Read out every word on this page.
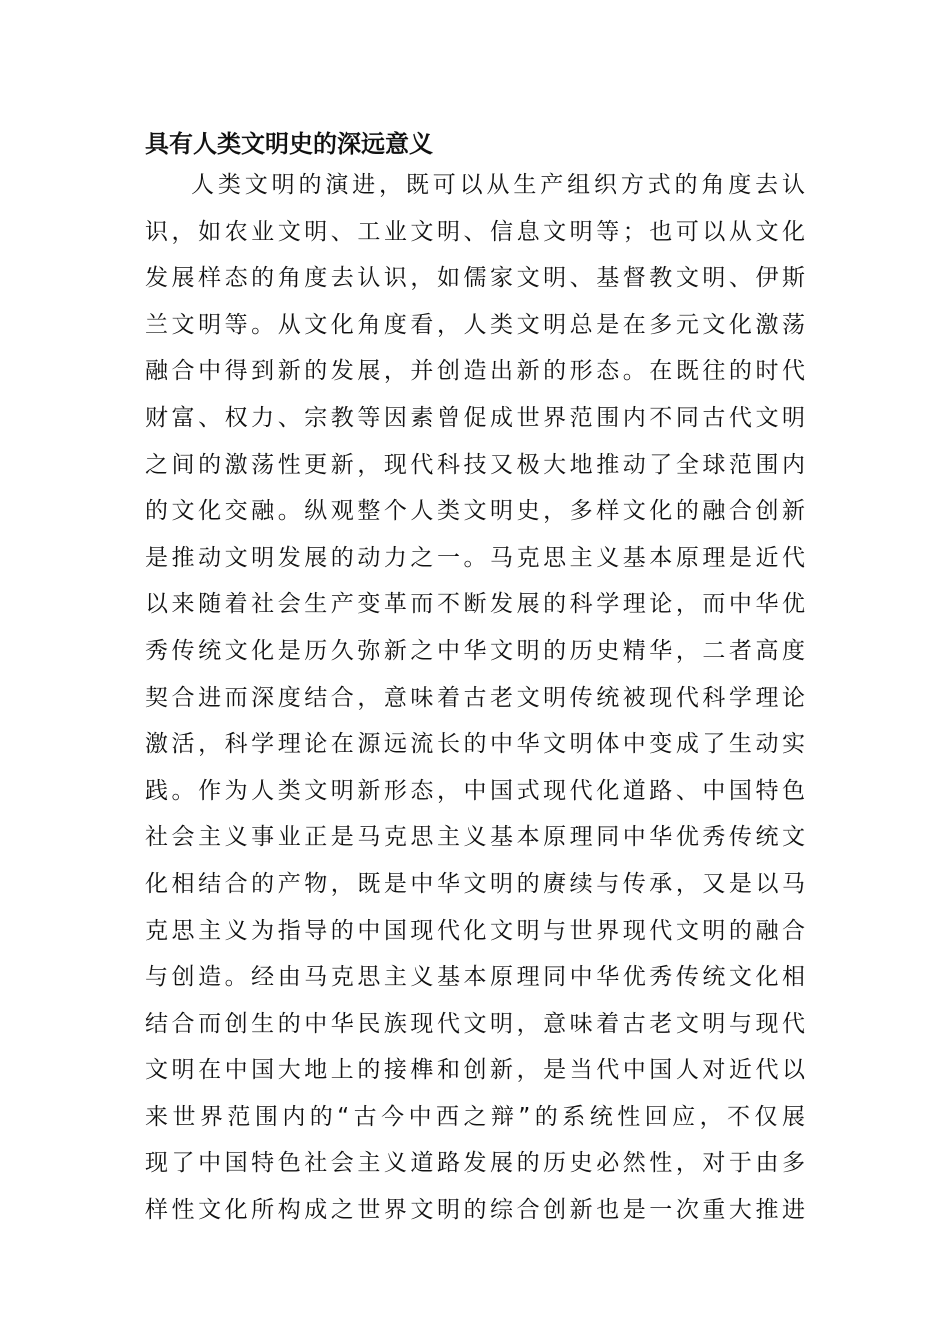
具有人类文明史的深远意义
人类文明的演进，既可以从生产组织方式的角度去认
识，如农业文明、工业文明、信息文明等；也可以从文化
发展样态的角度去认识，如儒家文明、基督教文明、伊斯
兰文明等。从文化角度看，人类文明总是在多元文化激荡
融合中得到新的发展，并创造出新的形态。在既往的时代
财富、权力、宗教等因素曾促成世界范围内不同古代文明
之间的激荡性更新，现代科技又极大地推动了全球范围内
的文化交融。纵观整个人类文明史，多样文化的融合创新
是推动文明发展的动力之一。马克思主义基本原理是近代
以来随着社会生产变革而不断发展的科学理论，而中华优
秀传统文化是历久弥新之中华文明的历史精华，二者高度
契合进而深度结合，意味着古老文明传统被现代科学理论
激活，科学理论在源远流长的中华文明体中变成了生动实
践。作为人类文明新形态，中国式现代化道路、中国特色
社会主义事业正是马克思主义基本原理同中华优秀传统文
化相结合的产物，既是中华文明的赓续与传承，又是以马
克思主义为指导的中国现代化文明与世界现代文明的融合
与创造。经由马克思主义基本原理同中华优秀传统文化相
结合而创生的中华民族现代文明，意味着古老文明与现代
文明在中国大地上的接榫和创新，是当代中国人对近代以
来世界范围内的“古今中西之辩”的系统性回应，不仅展
现了中国特色社会主义道路发展的历史必然性，对于由多
样性文化所构成之世界文明的综合创新也是一次重大推进
